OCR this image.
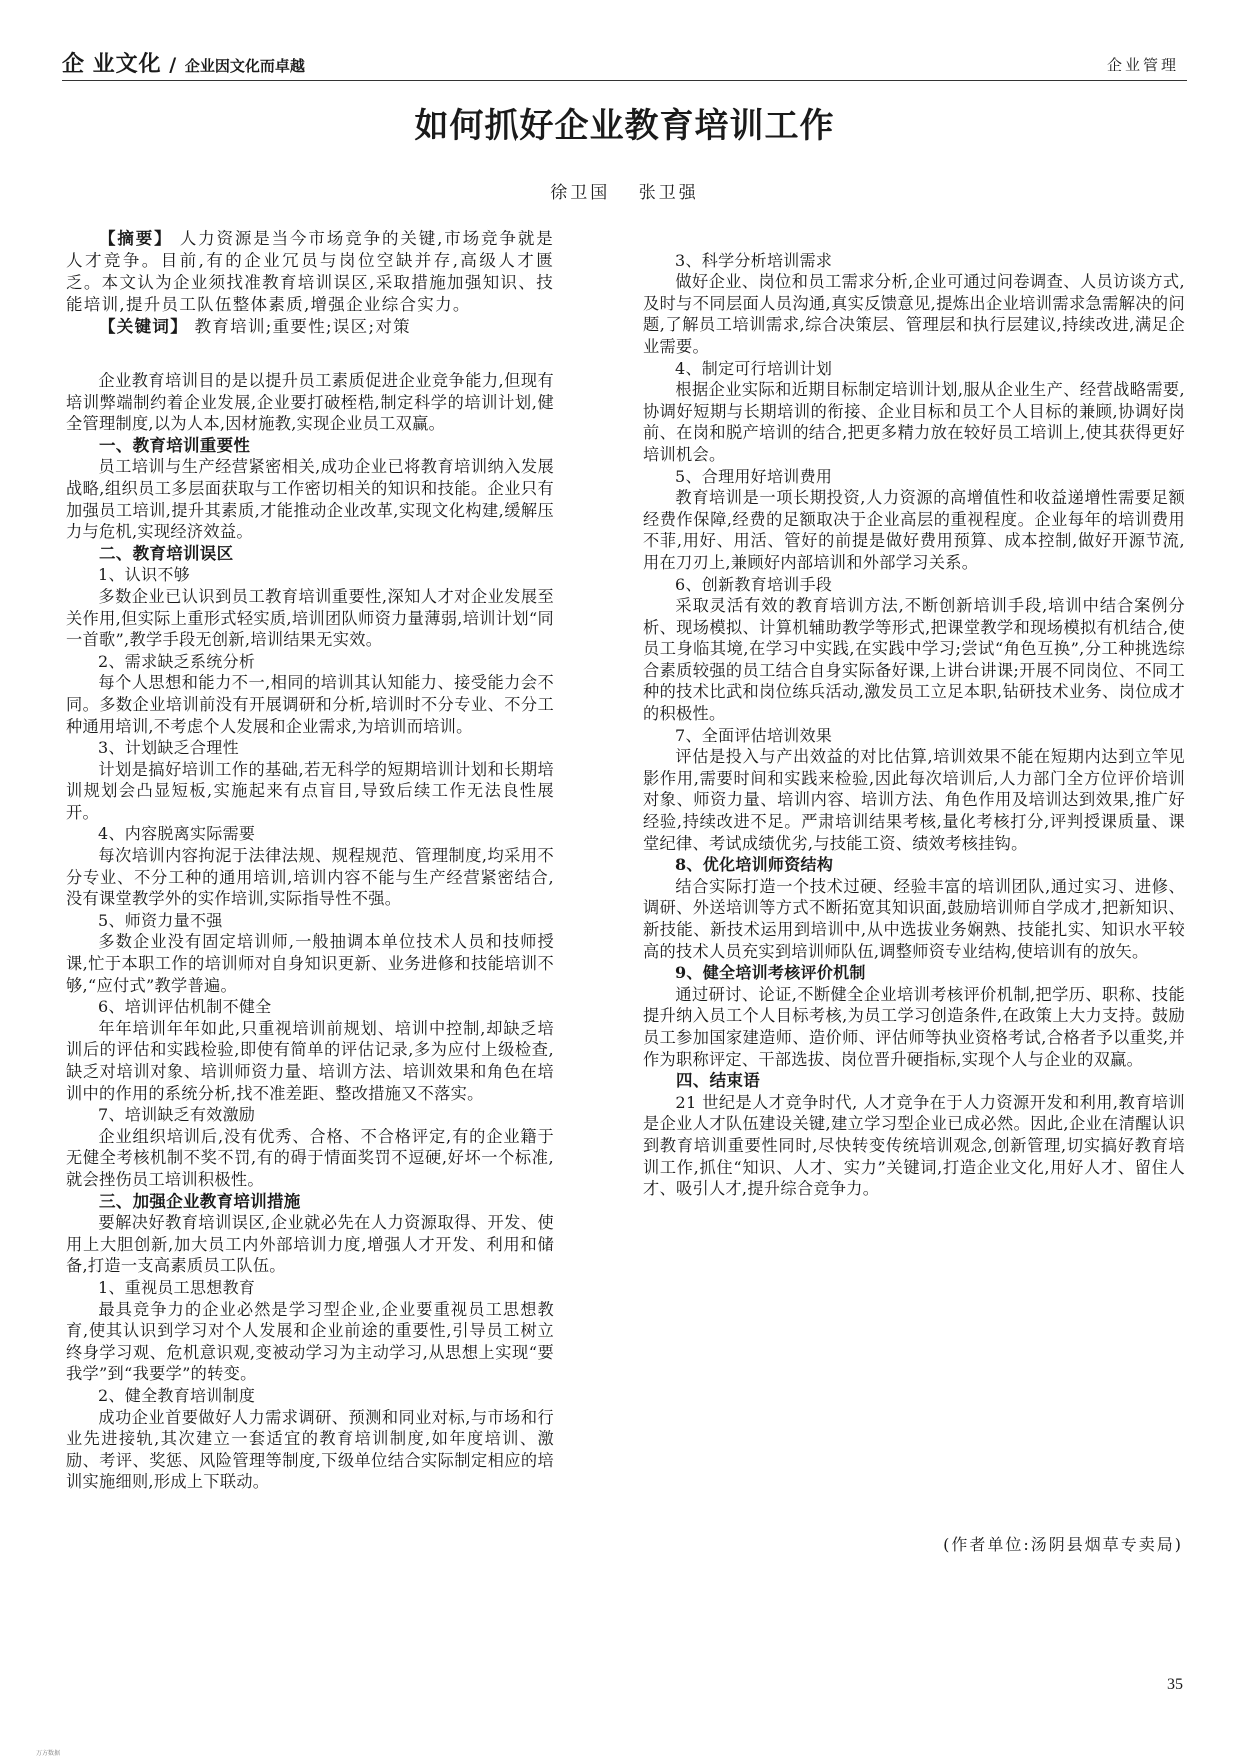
企 业文化 / 企业因文化而卓越	企业管理
如何抓好企业教育培训工作
徐卫国 张卫强

【摘要】 人力资源是当今市场竞争的关键,市场竞争就是人才竞争。目前,有的企业冗员与岗位空缺并存,高级人才匮乏。本文认为企业须找准教育培训误区,采取措施加强知识、技能培训,提升员工队伍整体素质,增强企业综合实力。

【关键词】 教育培训;重要性;误区;对策

企业教育培训目的是以提升员工素质促进企业竞争能力,但现有培训弊端制约着企业发展,企业要打破桎梏,制定科学的培训计划,健全管理制度,以为人本,因材施教,实现企业员工双赢。

一、教育培训重要性

员工培训与生产经营紧密相关,成功企业已将教育培训纳入发展战略,组织员工多层面获取与工作密切相关的知识和技能。企业只有加强员工培训,提升其素质,才能推动企业改革,实现文化构建,缓解压力与危机,实现经济效益。

二、教育培训误区
1、认识不够

多数企业已认识到员工教育培训重要性,深知人才对企业发展至关作用,但实际上重形式轻实质,培训团队师资力量薄弱,培训计划“同一首歌”,教学手段无创新,培训结果无实效。

2、需求缺乏系统分析

每个人思想和能力不一,相同的培训其认知能力、接受能力会不同。多数企业培训前没有开展调研和分析,培训时不分专业、不分工种通用培训,不考虑个人发展和企业需求,为培训而培训。

3、计划缺乏合理性

计划是搞好培训工作的基础,若无科学的短期培训计划和长期培训规划会凸显短板,实施起来有点盲目,导致后续工作无法良性展开。

4、内容脱离实际需要

每次培训内容拘泥于法律法规、规程规范、管理制度,均采用不分专业、不分工种的通用培训,培训内容不能与生产经营紧密结合,没有课堂教学外的实作培训,实际指导性不强。

5、师资力量不强

多数企业没有固定培训师,一般抽调本单位技术人员和技师授课,忙于本职工作的培训师对自身知识更新、业务进修和技能培训不够,“应付式”教学普遍。

6、培训评估机制不健全

年年培训年年如此,只重视培训前规划、培训中控制,却缺乏培训后的评估和实践检验,即使有简单的评估记录,多为应付上级检查,缺乏对培训对象、培训师资力量、培训方法、培训效果和角色在培训中的作用的系统分析,找不准差距、整改措施又不落实。

7、培训缺乏有效激励

企业组织培训后,没有优秀、合格、不合格评定,有的企业籍于无健全考核机制不奖不罚,有的碍于情面奖罚不逗硬,好坏一个标准,就会挫伤员工培训积极性。

三、加强企业教育培训措施

要解决好教育培训误区,企业就必先在人力资源取得、开发、使用上大胆创新,加大员工内外部培训力度,增强人才开发、利用和储备,打造一支高素质员工队伍。

1、重视员工思想教育

最具竞争力的企业必然是学习型企业,企业要重视员工思想教育,使其认识到学习对个人发展和企业前途的重要性,引导员工树立终身学习观、危机意识观,变被动学习为主动学习,从思想上实现“要我学”到“我要学”的转变。

2、健全教育培训制度

成功企业首要做好人力需求调研、预测和同业对标,与市场和行业先进接轨,其次建立一套适宜的教育培训制度,如年度培训、激励、考评、奖惩、风险管理等制度,下级单位结合实际制定相应的培训实施细则,形成上下联动。

3、科学分析培训需求

做好企业、岗位和员工需求分析,企业可通过问卷调查、人员访谈方式,及时与不同层面人员沟通,真实反馈意见,提炼出企业培训需求急需解决的问题,了解员工培训需求,综合决策层、管理层和执行层建议,持续改进,满足企业需要。

4、制定可行培训计划

根据企业实际和近期目标制定培训计划,服从企业生产、经营战略需要,协调好短期与长期培训的衔接、企业目标和员工个人目标的兼顾,协调好岗前、在岗和脱产培训的结合,把更多精力放在较好员工培训上,使其获得更好培训机会。

5、合理用好培训费用

教育培训是一项长期投资,人力资源的高增值性和收益递增性需要足额经费作保障,经费的足额取决于企业高层的重视程度。企业每年的培训费用不菲,用好、用活、管好的前提是做好费用预算、成本控制,做好开源节流,用在刀刃上,兼顾好内部培训和外部学习关系。

6、创新教育培训手段

采取灵活有效的教育培训方法,不断创新培训手段,培训中结合案例分析、现场模拟、计算机辅助教学等形式,把课堂教学和现场模拟有机结合,使员工身临其境,在学习中实践,在实践中学习;尝试“角色互换”,分工种挑选综合素质较强的员工结合自身实际备好课,上讲台讲课;开展不同岗位、不同工种的技术比武和岗位练兵活动,激发员工立足本职,钻研技术业务、岗位成才的积极性。

7、全面评估培训效果

评估是投入与产出效益的对比估算,培训效果不能在短期内达到立竿见影作用,需要时间和实践来检验,因此每次培训后,人力部门全方位评价培训对象、师资力量、培训内容、培训方法、角色作用及培训达到效果,推广好经验,持续改进不足。严肃培训结果考核,量化考核打分,评判授课质量、课堂纪律、考试成绩优劣,与技能工资、绩效考核挂钩。

8、优化培训师资结构

结合实际打造一个技术过硬、经验丰富的培训团队,通过实习、进修、调研、外送培训等方式不断拓宽其知识面,鼓励培训师自学成才,把新知识、新技能、新技术运用到培训中,从中选拔业务娴熟、技能扎实、知识水平较高的技术人员充实到培训师队伍,调整师资专业结构,使培训有的放矢。

9、健全培训考核评价机制

通过研讨、论证,不断健全企业培训考核评价机制,把学历、职称、技能提升纳入员工个人目标考核,为员工学习创造条件,在政策上大力支持。鼓励员工参加国家建造师、造价师、评估师等执业资格考试,合格者予以重奖,并作为职称评定、干部选拔、岗位晋升硬指标,实现个人与企业的双赢。

四、结束语

21 世纪是人才竞争时代, 人才竞争在于人力资源开发和利用,教育培训是企业人才队伍建设关键,建立学习型企业已成必然。因此,企业在清醒认识到教育培训重要性同时,尽快转变传统培训观念,创新管理,切实搞好教育培训工作,抓住“知识、人才、实力”关键词,打造企业文化,用好人才、留住人才、吸引人才,提升综合竞争力。

(作者单位:汤阴县烟草专卖局)
35
万方数据
